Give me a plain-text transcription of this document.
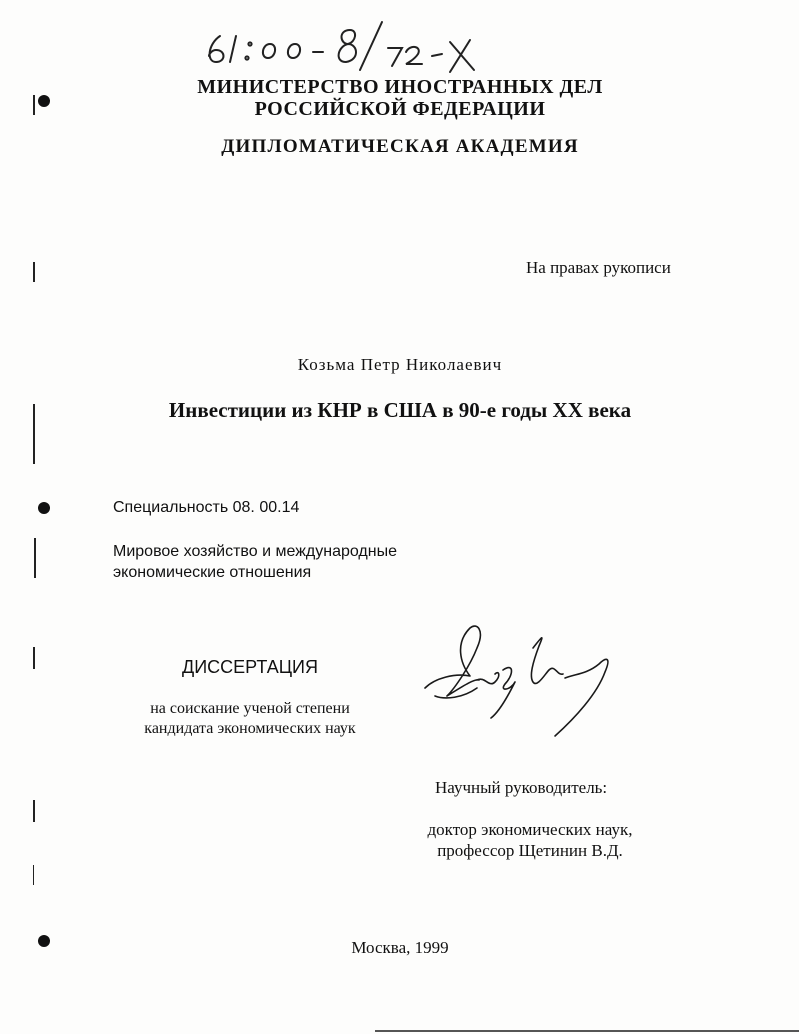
МИНИСТЕРСТВО ИНОСТРАННЫХ ДЕЛ
РОССИЙСКОЙ ФЕДЕРАЦИИ
ДИПЛОМАТИЧЕСКАЯ АКАДЕМИЯ
На правах рукописи
Козьма Петр Николаевич
Инвестиции из КНР в США в 90-е годы XX века
Специальность 08. 00.14
Мировое хозяйство и международные
экономические отношения
ДИССЕРТАЦИЯ
на соискание ученой степени
кандидата экономических наук
Научный руководитель:
доктор экономических наук,
профессор Щетинин В.Д.
Москва, 1999
